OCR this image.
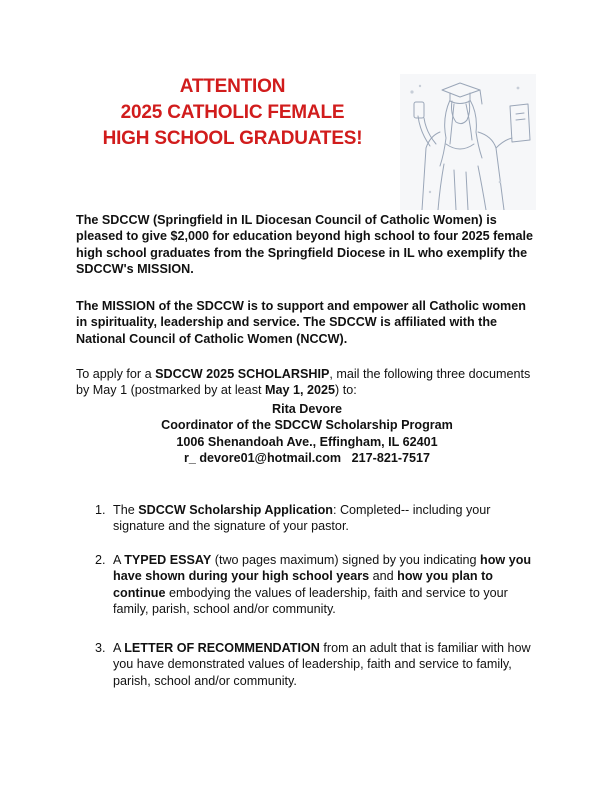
ATTENTION
2025 CATHOLIC FEMALE
HIGH SCHOOL GRADUATES!
The SDCCW (Springfield in IL Diocesan Council of Catholic Women) is pleased to give $2,000 for education beyond high school to four 2025 female high school graduates from the Springfield Diocese in IL who exemplify the SDCCW's MISSION.
The MISSION of the SDCCW is to support and empower all Catholic women in spirituality, leadership and service. The SDCCW is affiliated with the National Council of Catholic Women (NCCW).
To apply for a SDCCW 2025 SCHOLARSHIP, mail the following three documents by May 1 (postmarked by at least May 1, 2025) to:
Rita Devore
Coordinator of the SDCCW Scholarship Program
1006 Shenandoah Ave., Effingham, IL 62401
r_ devore01@hotmail.com   217-821-7517
1. The SDCCW Scholarship Application: Completed-- including your signature and the signature of your pastor.
2. A TYPED ESSAY (two pages maximum) signed by you indicating how you have shown during your high school years and how you plan to continue embodying the values of leadership, faith and service to your family, parish, school and/or community.
3. A LETTER OF RECOMMENDATION from an adult that is familiar with how you have demonstrated values of leadership, faith and service to family, parish, school and/or community.
